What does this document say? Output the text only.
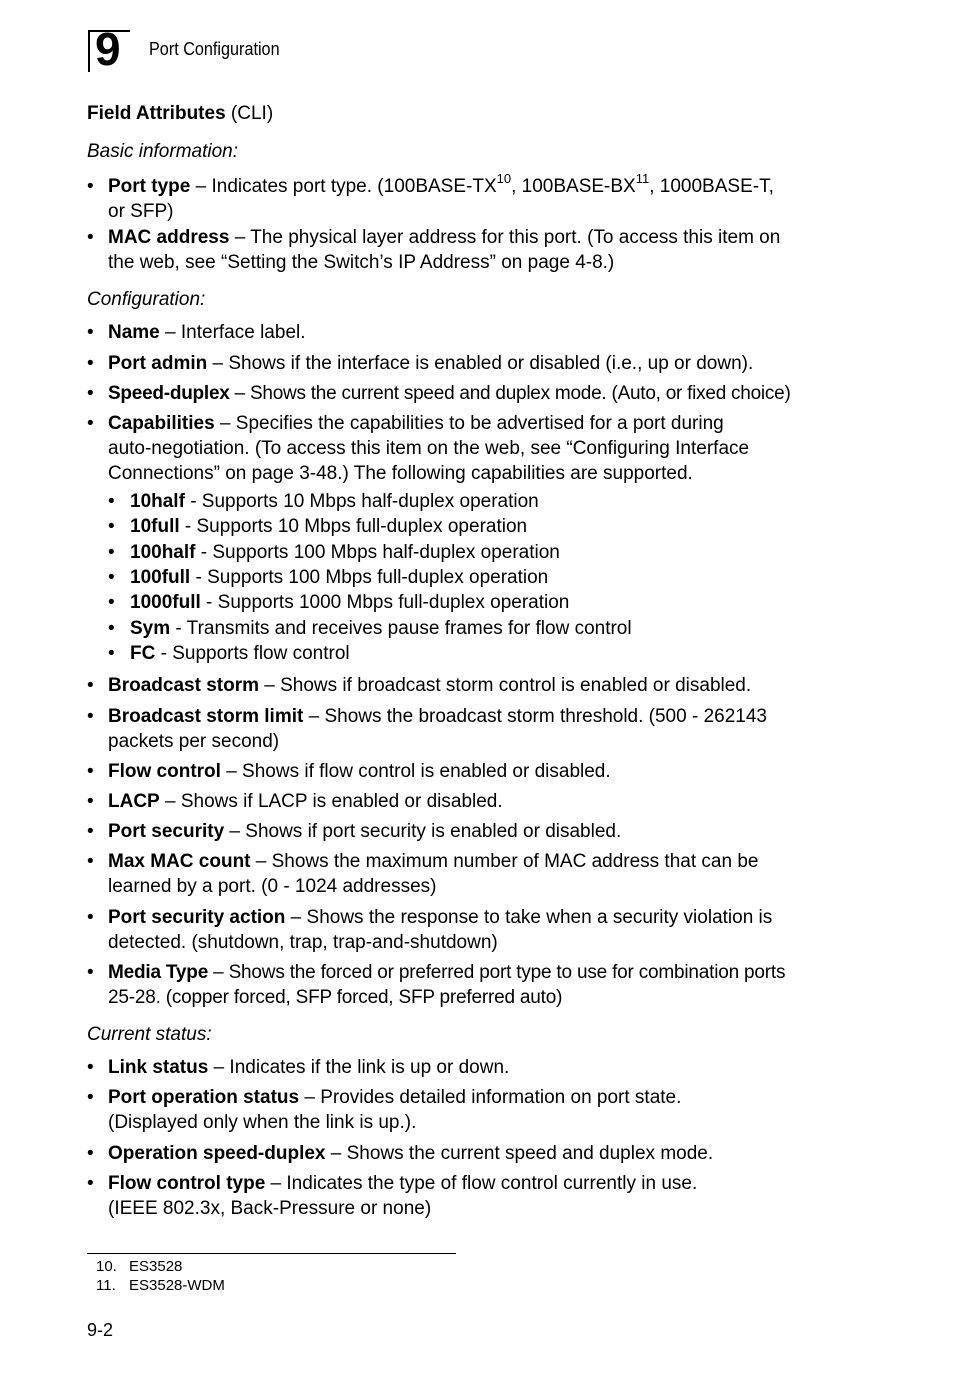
9 Port Configuration
Field Attributes (CLI)
Basic information:
• Port type – Indicates port type. (100BASE-TX$^{10}$, 100BASE-BX$^{11}$, 1000BASE-T,
or SFP)
• MAC address – The physical layer address for this port. (To access this item on
the web, see “Setting the Switch’s IP Address” on page 4-8.)
Configuration:
• Name – Interface label.
• Port admin – Shows if the interface is enabled or disabled (i.e., up or down).
• Speed-duplex – Shows the current speed and duplex mode. (Auto, or fixed choice)
• Capabilities – Specifies the capabilities to be advertised for a port during
auto-negotiation. (To access this item on the web, see “Configuring Interface
Connections” on page 3-48.) The following capabilities are supported.
• 10half - Supports 10 Mbps half-duplex operation
• 10full - Supports 10 Mbps full-duplex operation
• 100half - Supports 100 Mbps half-duplex operation
• 100full - Supports 100 Mbps full-duplex operation
• 1000full - Supports 1000 Mbps full-duplex operation
• Sym - Transmits and receives pause frames for flow control
• FC - Supports flow control
• Broadcast storm – Shows if broadcast storm control is enabled or disabled.
• Broadcast storm limit – Shows the broadcast storm threshold. (500 - 262143
packets per second)
• Flow control – Shows if flow control is enabled or disabled.
• LACP – Shows if LACP is enabled or disabled.
• Port security – Shows if port security is enabled or disabled.
• Max MAC count – Shows the maximum number of MAC address that can be
learned by a port. (0 - 1024 addresses)
• Port security action – Shows the response to take when a security violation is
detected. (shutdown, trap, trap-and-shutdown)
• Media Type – Shows the forced or preferred port type to use for combination ports
25-28. (copper forced, SFP forced, SFP preferred auto)
Current status:
• Link status – Indicates if the link is up or down.
• Port operation status – Provides detailed information on port state.
(Displayed only when the link is up.).
• Operation speed-duplex – Shows the current speed and duplex mode.
• Flow control type – Indicates the type of flow control currently in use.
(IEEE 802.3x, Back-Pressure or none)
10. ES3528
11. ES3528-WDM
9-2
